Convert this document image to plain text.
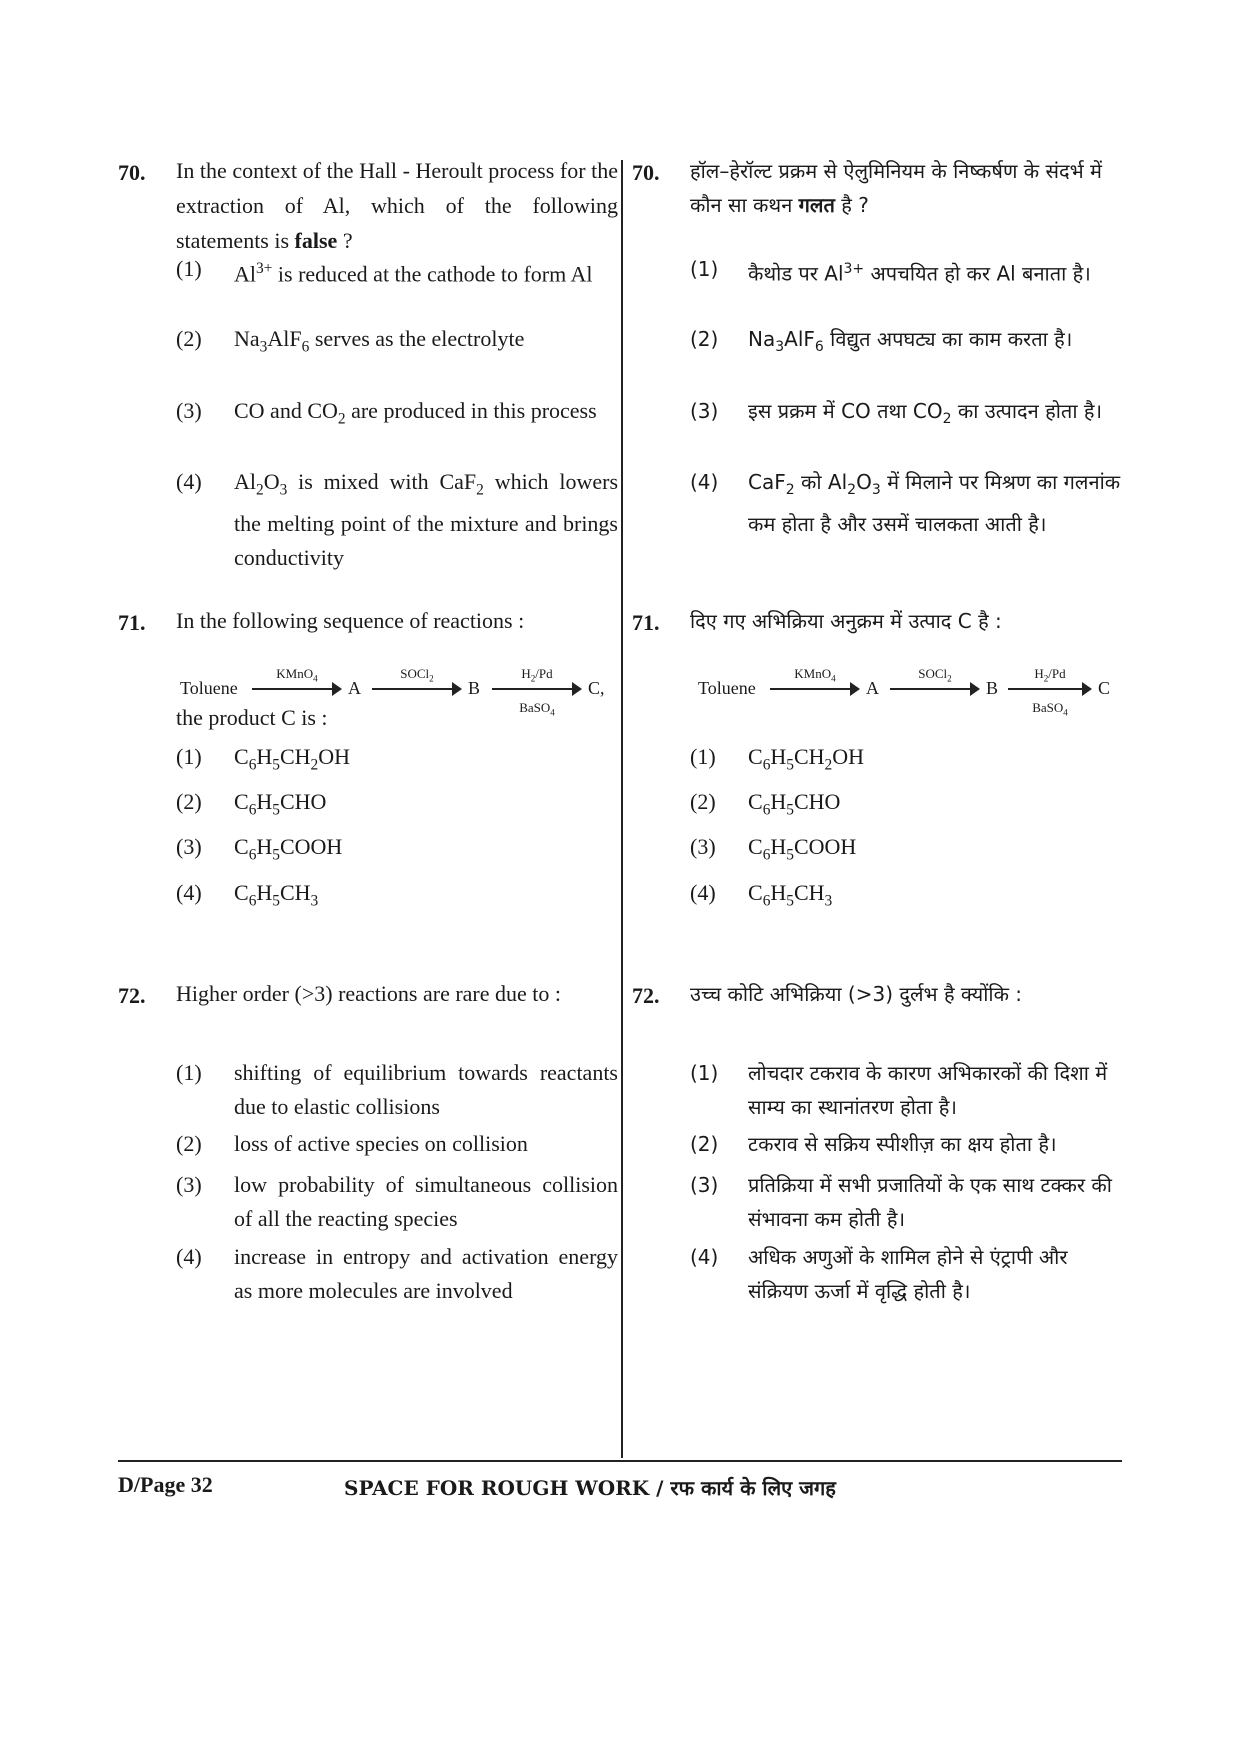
70. In the context of the Hall - Heroult process for the extraction of Al, which of the following statements is false ?
(1) $Al^{3+}$ is reduced at the cathode to form Al
(2) $Na_3AlF_6$ serves as the electrolyte
(3) CO and $CO_2$ are produced in this process
(4) $Al_2O_3$ is mixed with CaF$_2$ which lowers the melting point of the mixture and brings conductivity
71. In the following sequence of reactions :
Toluene
KMnO$_4$	A
SOCl$_2$	B
$H_2/Pd$
BaSO$_4$
C,
the product C is :
(1) $C_6H_5CH_2OH$
(2) $C_6H_5CHO$
(3) $C_6H_5COOH$
(4) $C_6H_5CH_3$
72. Higher order (>3) reactions are rare due to :
(1) shifting of equilibrium towards reactants due to elastic collisions
(2) loss of active species on collision
(3) low probability of simultaneous collision of all the reacting species
(4) increase in entropy and activation energy as more molecules are involved
70. हॉल–हेरॉल्ट प्रक्रम से ऐलुमिनियम के निष्कर्षण के संदर्भ में कौन सा कथन गलत है ?
(1) कैथोड पर $Al^{3+}$ अपचयित हो कर Al बनाता है।
(2) $Na_3AlF_6$ विद्युत अपघट्य का काम करता है।
(3) इस प्रक्रम में CO तथा $CO_2$ का उत्पादन होता है।
(4) CaF$_2$ को $Al_2O_3$ में मिलाने पर मिश्रण का गलनांक कम होता है और उसमें चालकता आती है।
71. दिए गए अभिक्रिया अनुक्रम में उत्पाद C है :
Toluene
KMnO$_4$	A
SOCl$_2$	B
$H_2/Pd$
BaSO$_4$
C
(1) $C_6H_5CH_2OH$
(2) $C_6H_5CHO$
(3) $C_6H_5COOH$
(4) $C_6H_5CH_3$
72. उच्च कोटि अभिक्रिया (>3) दुर्लभ है क्योंकि :
(1) लोचदार टकराव के कारण अभिकारकों की दिशा में साम्य का स्थानांतरण होता है।
(2) टकराव से सक्रिय स्पीशीज़ का क्षय होता है।
(3) प्रतिक्रिया में सभी प्रजातियों के एक साथ टक्कर की संभावना कम होती है।
(4) अधिक अणुओं के शामिल होने से एंट्रापी और संक्रियण ऊर्जा में वृद्धि होती है।
D/Page 32	SPACE FOR ROUGH WORK / रफ कार्य के लिए जगह
